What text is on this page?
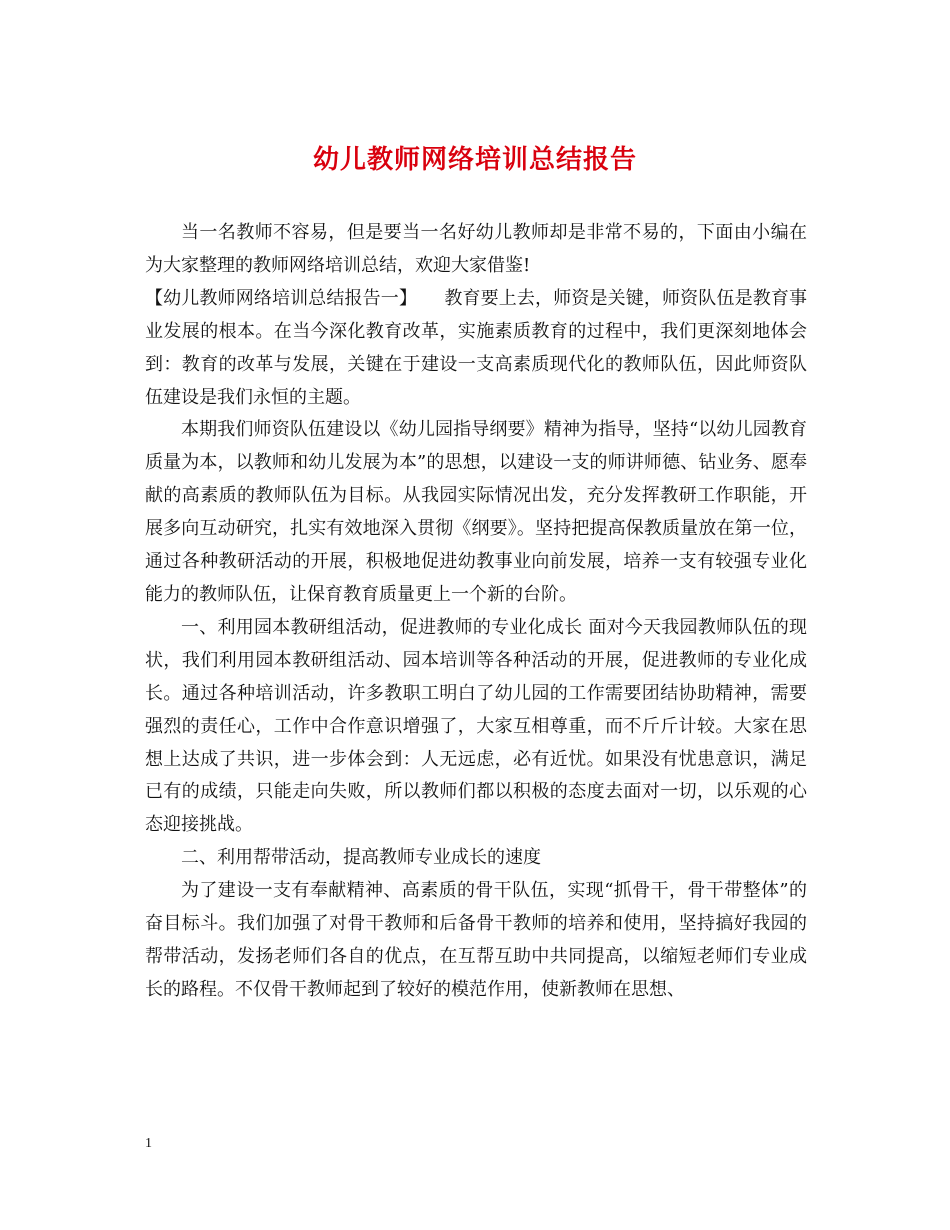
幼儿教师网络培训总结报告

当一名教师不容易，但是要当一名好幼儿教师却是非常不易的，下面由小编在为大家整理的教师网络培训总结，欢迎大家借鉴!

【幼儿教师网络培训总结报告一】　　教育要上去，师资是关键，师资队伍是教育事业发展的根本。在当今深化教育改革，实施素质教育的过程中，我们更深刻地体会到：教育的改革与发展，关键在于建设一支高素质现代化的教师队伍，因此师资队伍建设是我们永恒的主题。

本期我们师资队伍建设以《幼儿园指导纲要》精神为指导，坚持“以幼儿园教育质量为本，以教师和幼儿发展为本”的思想，以建设一支的师讲师德、钻业务、愿奉献的高素质的教师队伍为目标。从我园实际情况出发，充分发挥教研工作职能，开展多向互动研究，扎实有效地深入贯彻《纲要》。坚持把提高保教质量放在第一位，通过各种教研活动的开展，积极地促进幼教事业向前发展，培养一支有较强专业化能力的教师队伍，让保育教育质量更上一个新的台阶。

一、利用园本教研组活动，促进教师的专业化成长 面对今天我园教师队伍的现状，我们利用园本教研组活动、园本培训等各种活动的开展，促进教师的专业化成长。通过各种培训活动，许多教职工明白了幼儿园的工作需要团结协助精神，需要强烈的责任心，工作中合作意识增强了，大家互相尊重，而不斤斤计较。大家在思想上达成了共识，进一步体会到：人无远虑，必有近忧。如果没有忧患意识，满足已有的成绩，只能走向失败，所以教师们都以积极的态度去面对一切，以乐观的心态迎接挑战。

二、利用帮带活动，提高教师专业成长的速度

为了建设一支有奉献精神、高素质的骨干队伍，实现“抓骨干，骨干带整体”的奋目标斗。我们加强了对骨干教师和后备骨干教师的培养和使用，坚持搞好我园的帮带活动，发扬老师们各自的优点，在互帮互助中共同提高，以缩短老师们专业成长的路程。不仅骨干教师起到了较好的模范作用，使新教师在思想、

1
